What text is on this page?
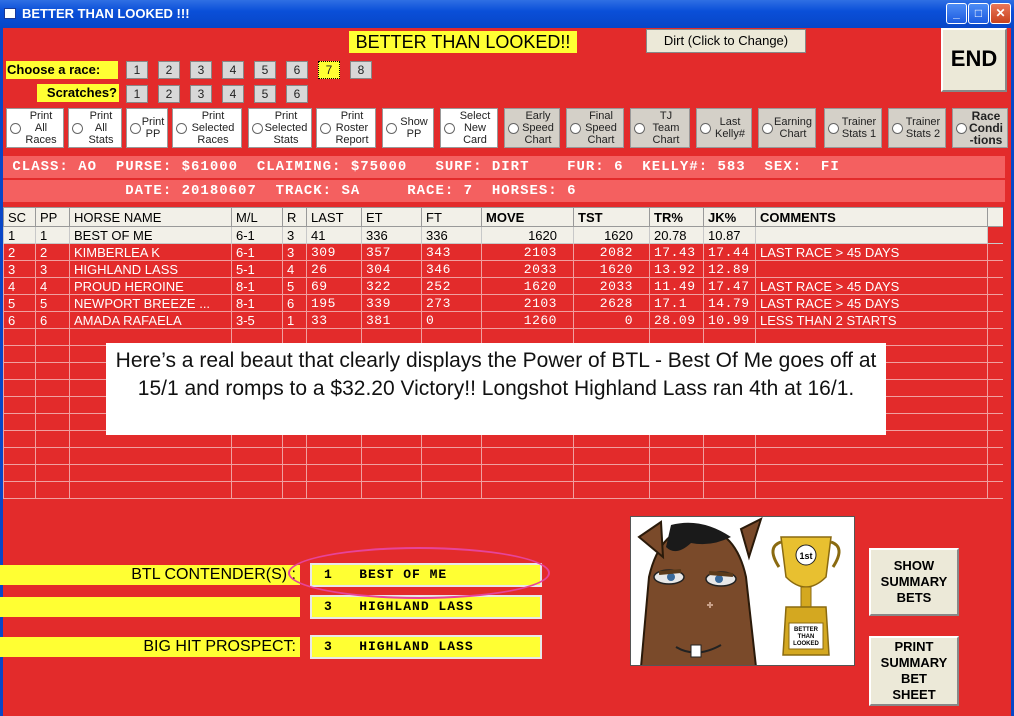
BETTER THAN LOOKED !!!	_	□	✕
BETTER THAN LOOKED!!	Dirt (Click to Change)
END
Choose a race:
Scratches?
1	2	3	4	5	6	7	8
1	2	3	4	5	6
Print
All
Races
Print
All
Stats
Print
PP
Print
Selected
Races
Print
Selected
Stats
Print
Roster
Report
Show
PP
Select
New
Card
Early
Speed
Chart
Final
Speed
Chart
TJ
Team
Chart
Last
Kelly#
Earning
Chart
Trainer
Stats 1
Trainer
Stats 2
Race
Condi
-tions
CLASS: AO  PURSE: $61000  CLAIMING: $75000   SURF: DIRT    FUR: 6  KELLY#: 583  SEX:  FI
DATE: 20180607  TRACK: SA     RACE: 7  HORSES: 6
SC	PP	HORSE NAME	M/L	R	LAST	ET	FT	MOVE	TST	TR%	JK%	COMMENTS	
1	1	BEST OF ME	6-1	3	41	336	336	1620	1620	20.78	10.87		
2	2	KIMBERLEA K	6-1	3	309	357	343	2103	2082	17.43	17.44	LAST RACE > 45 DAYS	
3	3	HIGHLAND LASS	5-1	4	26	304	346	2033	1620	13.92	12.89		
4	4	PROUD HEROINE	8-1	5	69	322	252	1620	2033	11.49	17.47	LAST RACE > 45 DAYS	
5	5	NEWPORT BREEZE ...	8-1	6	195	339	273	2103	2628	17.1	14.79	LAST RACE > 45 DAYS	
6	6	AMADA RAFAELA	3-5	1	33	381	0	1260	0	28.09	10.99	LESS THAN 2 STARTS	

Here’s a real beaut that clearly displays the Power of BTL - Best Of Me goes off at 15/1 and romps to a $32.20 Victory!! Longshot Highland Lass ran 4th at 16/1.
BTL CONTENDER(S) :	1   BEST OF ME
3   HIGHLAND LASS
BIG HIT PROSPECT:	3   HIGHLAND LASS
1st
BETTER
THAN
LOOKED
SHOW
SUMMARY
BETS
PRINT
SUMMARY
BET
SHEET
